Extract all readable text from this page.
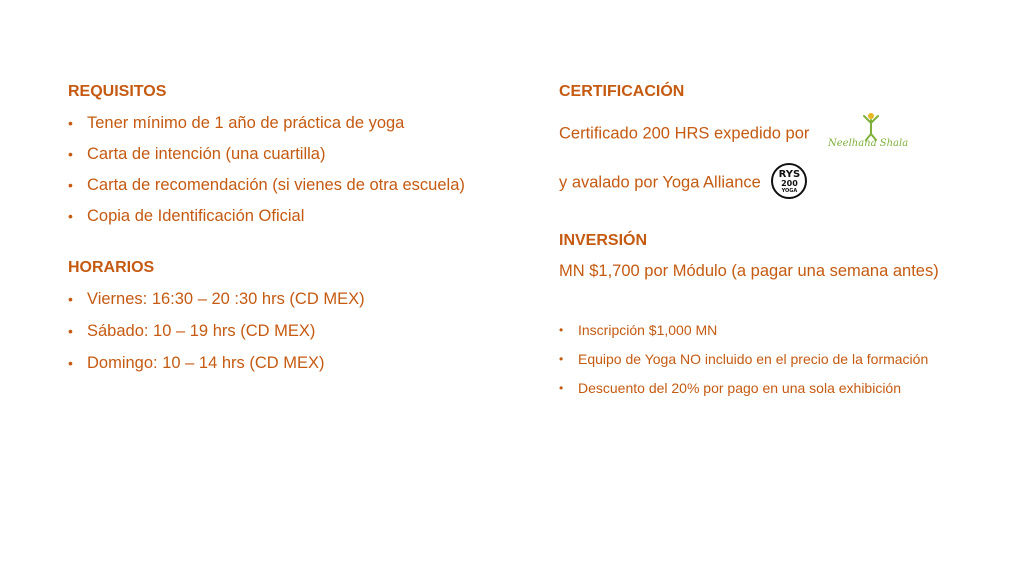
REQUISITOS
• Tener mínimo de 1 año de práctica de yoga
• Carta de intención (una cuartilla)
• Carta de recomendación (si vienes de otra escuela)
• Copia de Identificación Oficial
HORARIOS
• Viernes: 16:30 – 20 :30 hrs (CD MEX)
• Sábado: 10 – 19 hrs (CD MEX)
• Domingo: 10 – 14 hrs (CD MEX)
CERTIFICACIÓN
Certificado 200 HRS expedido por
Neelhana Shala
y avalado por Yoga Alliance	RYS
200
YOGA
INVERSIÓN
MN $1,700 por Módulo (a pagar una semana antes)
• Inscripción $1,000 MN
• Equipo de Yoga NO incluido en el precio de la formación
• Descuento del 20% por pago en una sola exhibición
